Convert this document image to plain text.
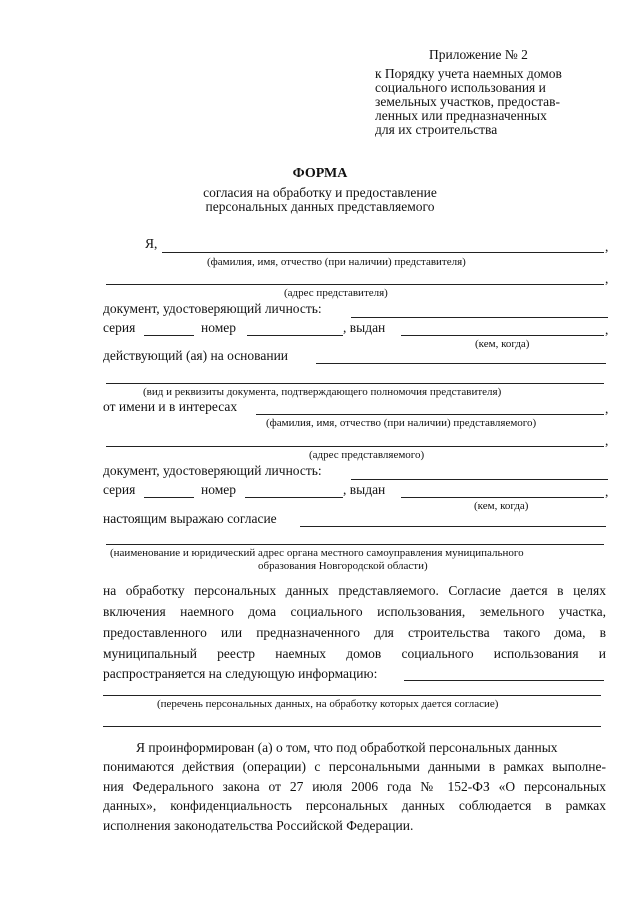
Приложение № 2
к Порядку учета наемных домов
социального использования и
земельных участков, предостав-
ленных или предназначенных
для их строительства
ФОРМА
согласия на обработку и предоставление
персональных данных представляемого
Я,	,
(фамилия, имя, отчество (при наличии) представителя)
,
(адрес представителя)
документ, удостоверяющий личность:
серия	номер	, выдан	,
(кем, когда)
действующий (ая) на основании
(вид и реквизиты документа, подтверждающего полномочия представителя)
от имени и в интересах	,
(фамилия, имя, отчество (при наличии) представляемого)
,
(адрес представляемого)
документ, удостоверяющий личность:
серия	номер	, выдан	,
(кем, когда)
настоящим выражаю согласие
(наименование и юридический адрес органа местного самоуправления муниципального
образования Новгородской области)
на обработку персональных данных представляемого. Согласие дается в целях
включения наемного дома социального использования, земельного участка,
предоставленного или предназначенного для строительства такого дома, в
муниципальный реестр наемных домов социального использования и
распространяется на следующую информацию:
(перечень персональных данных, на обработку которых дается согласие)
Я проинформирован (а) о том, что под обработкой персональных данных
понимаются действия (операции) с персональными данными в рамках выполне-
ния Федерального закона от 27 июля 2006 года № 152-ФЗ «О персональных
данных», конфиденциальность персональных данных соблюдается в рамках
исполнения законодательства Российской Федерации.
